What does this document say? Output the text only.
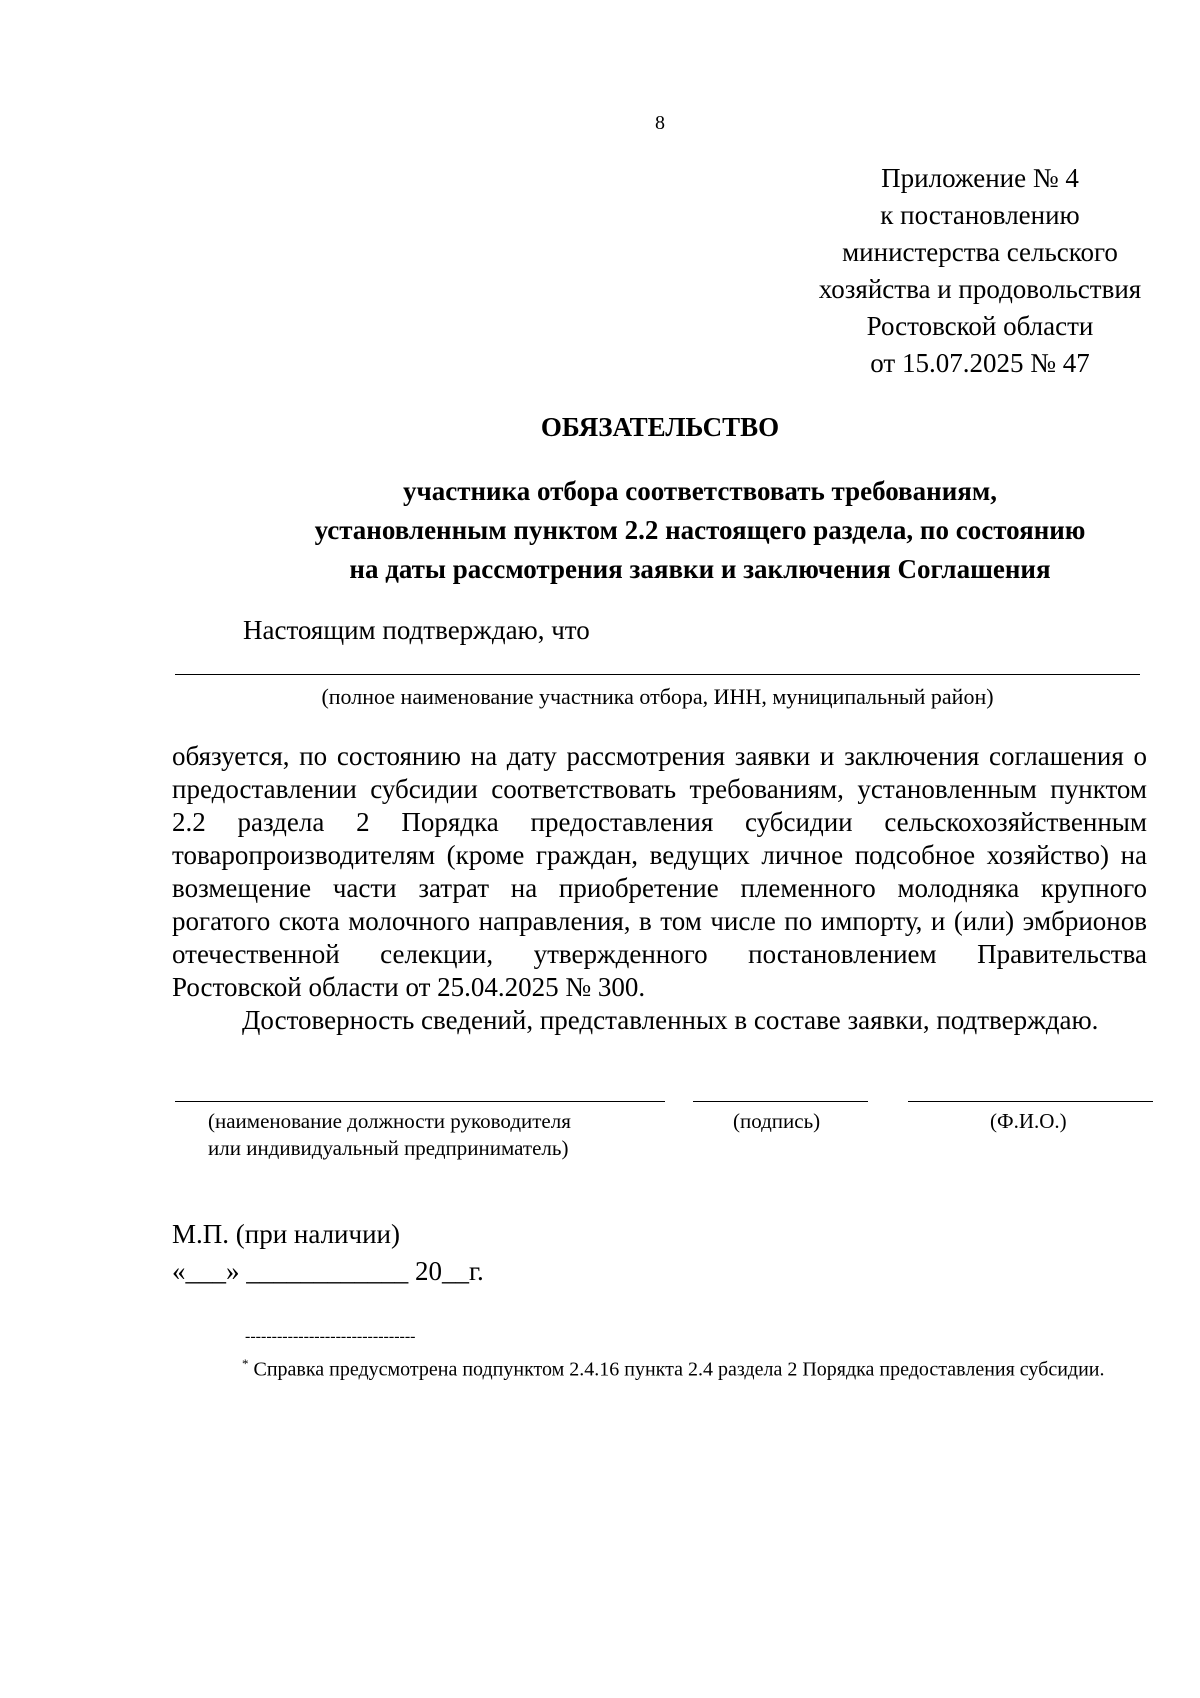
8
Приложение № 4
к постановлению
министерства сельского
хозяйства и продовольствия
Ростовской области
от 15.07.2025 № 47
ОБЯЗАТЕЛЬСТВО
участника отбора соответствовать требованиям,
установленным пунктом 2.2 настоящего раздела, по состоянию
на даты рассмотрения заявки и заключения Соглашения
Настоящим подтверждаю, что
(полное наименование участника отбора, ИНН, муниципальный район)

обязуется, по состоянию на дату рассмотрения заявки и заключения соглашения о предоставлении субсидии соответствовать требованиям, установленным пунктом 2.2 раздела 2 Порядка предоставления субсидии сельскохозяйственным товаропроизводителям (кроме граждан, ведущих личное подсобное хозяйство) на возмещение части затрат на приобретение племенного молодняка крупного рогатого скота молочного направления, в том числе по импорту, и (или) эмбрионов отечественной селекции, утвержденного постановлением Правительства Ростовской области от 25.04.2025 № 300.

Достоверность сведений, представленных в составе заявки, подтверждаю.

(наименование должности руководителя
или индивидуальный предприниматель)
(подпись)	(Ф.И.О.)
М.П. (при наличии)
«___» ____________ 20__г.
--------------------------------
* Справка предусмотрена подпунктом 2.4.16 пункта 2.4 раздела 2 Порядка предоставления субсидии.
